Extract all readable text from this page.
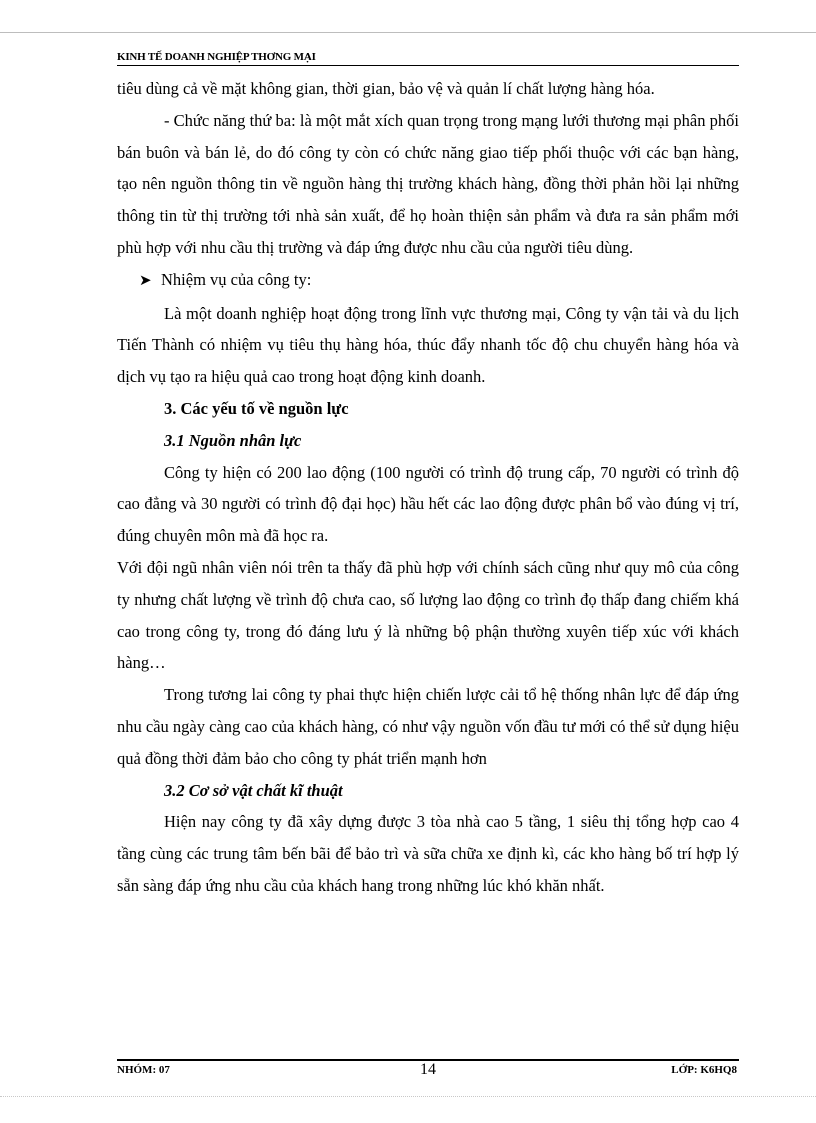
KINH TẾ DOANH NGHIỆP THƠNG MẠI

tiêu dùng cả về mặt không gian, thời gian, bảo vệ và quản lí chất lượng hàng hóa.

- Chức năng thứ ba: là một mắt xích quan trọng trong mạng lưới thương mại phân phối bán buôn và bán lẻ, do đó công ty còn có chức năng giao tiếp phối thuộc với các bạn hàng, tạo nên nguồn thông tin về nguồn hàng thị trường khách hàng, đồng thời phản hồi lại những thông tin từ thị trường tới nhà sản xuất, để họ hoàn thiện sản phẩm và đưa ra sản phẩm mới phù hợp với nhu cầu thị trường và đáp ứng được nhu cầu của người tiêu dùng.

➤ Nhiệm vụ của công ty:

Là một doanh nghiệp hoạt động trong lĩnh vực thương mại, Công ty vận tải và du lịch Tiến Thành có nhiệm vụ tiêu thụ hàng hóa, thúc đẩy nhanh tốc độ chu chuyển hàng hóa và dịch vụ tạo ra hiệu quả cao trong hoạt động kinh doanh.

3. Các yếu tố về nguồn lực

3.1 Nguồn nhân lực

Công ty hiện có 200 lao động (100 người có trình độ trung cấp, 70 người có trình độ cao đẳng và 30 người có trình độ đại học) hầu hết các lao động được phân bổ vào đúng vị trí, đúng chuyên môn mà đã học ra.

Với đội ngũ nhân viên nói trên ta thấy đã phù hợp với chính sách cũng như quy mô của công ty nhưng chất lượng về trình độ chưa cao, số lượng lao động co trình đọ thấp đang chiếm khá cao trong công ty, trong đó đáng lưu ý là những bộ phận thường xuyên tiếp xúc với khách hàng…

Trong tương lai công ty phai thực hiện chiến lược cải tổ hệ thống nhân lực để đáp ứng nhu cầu ngày càng cao của khách hàng, có như vậy nguồn vốn đầu tư mới có thể sử dụng hiệu quả đồng thời đảm bảo cho công ty phát triển mạnh hơn

3.2 Cơ sở vật chất kĩ thuật

Hiện nay công ty đã xây dựng được 3 tòa nhà cao 5 tầng, 1 siêu thị tổng hợp cao 4 tầng cùng các trung tâm bến bãi để bảo trì và sữa chữa xe định kì, các kho hàng bố trí hợp lý sẵn sàng đáp ứng nhu cầu của khách hang trong những lúc khó khăn nhất.

NHÓM: 07	LỚP: K6HQ8
14
